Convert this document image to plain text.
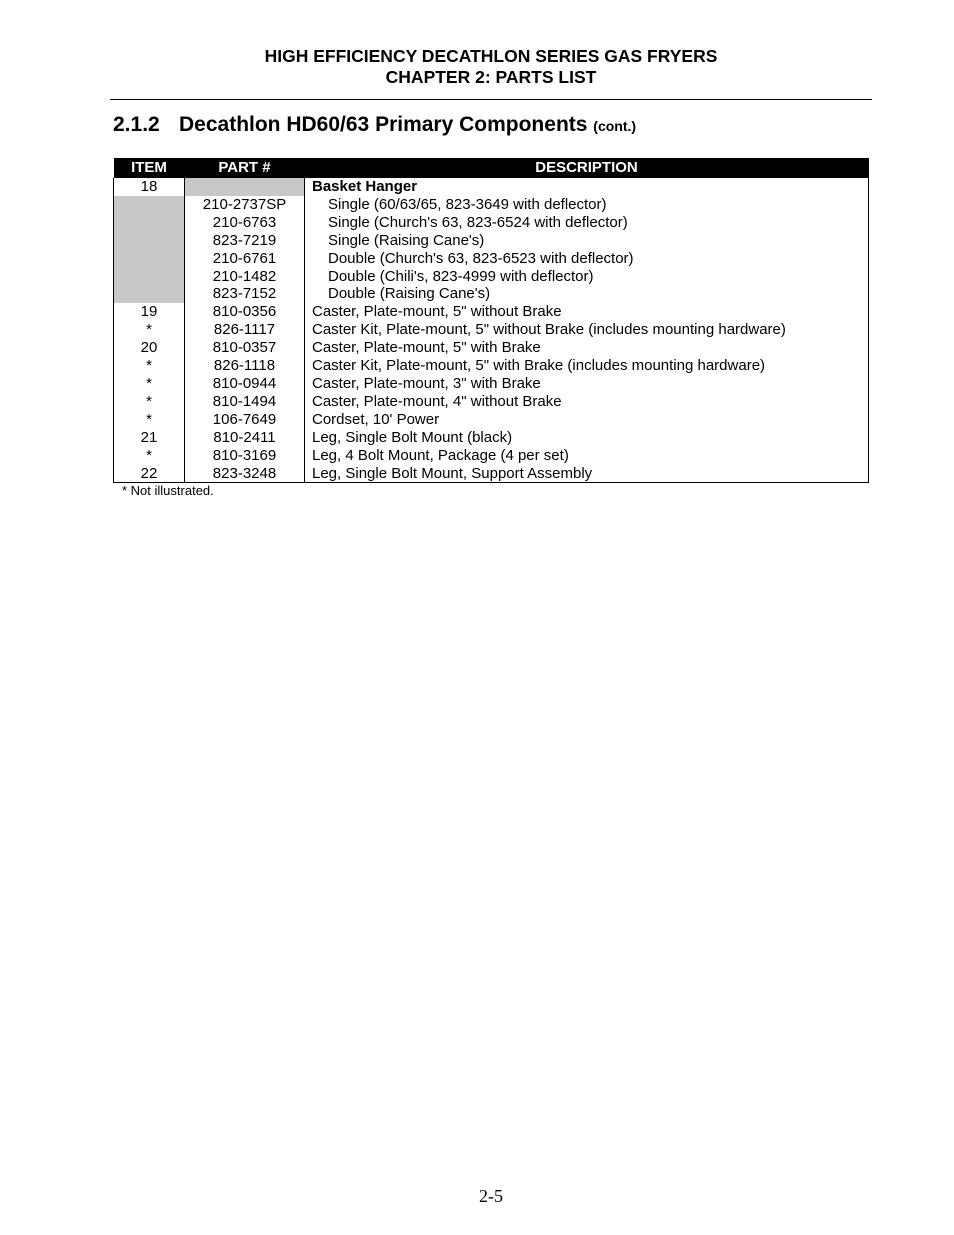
HIGH EFFICIENCY DECATHLON SERIES GAS FRYERS
CHAPTER 2: PARTS LIST
2.1.2 Decathlon HD60/63 Primary Components (cont.)
ITEM	PART #	DESCRIPTION
18		Basket Hanger
	210-2737SP	Single (60/63/65, 823-3649 with deflector)
	210-6763	Single (Church's 63, 823-6524 with deflector)
	823-7219	Single (Raising Cane's)
	210-6761	Double (Church's 63, 823-6523 with deflector)
	210-1482	Double (Chili's, 823-4999 with deflector)
	823-7152	Double (Raising Cane's)
19	810-0356	Caster, Plate-mount, 5" without Brake
*	826-1117	Caster Kit, Plate-mount, 5" without Brake (includes mounting hardware)
20	810-0357	Caster, Plate-mount, 5" with Brake
*	826-1118	Caster Kit, Plate-mount, 5" with Brake (includes mounting hardware)
*	810-0944	Caster, Plate-mount, 3" with Brake
*	810-1494	Caster, Plate-mount, 4" without Brake
*	106-7649	Cordset, 10' Power
21	810-2411	Leg, Single Bolt Mount (black)
*	810-3169	Leg, 4 Bolt Mount, Package (4 per set)
22	823-3248	Leg, Single Bolt Mount, Support Assembly
* Not illustrated.
2-5
